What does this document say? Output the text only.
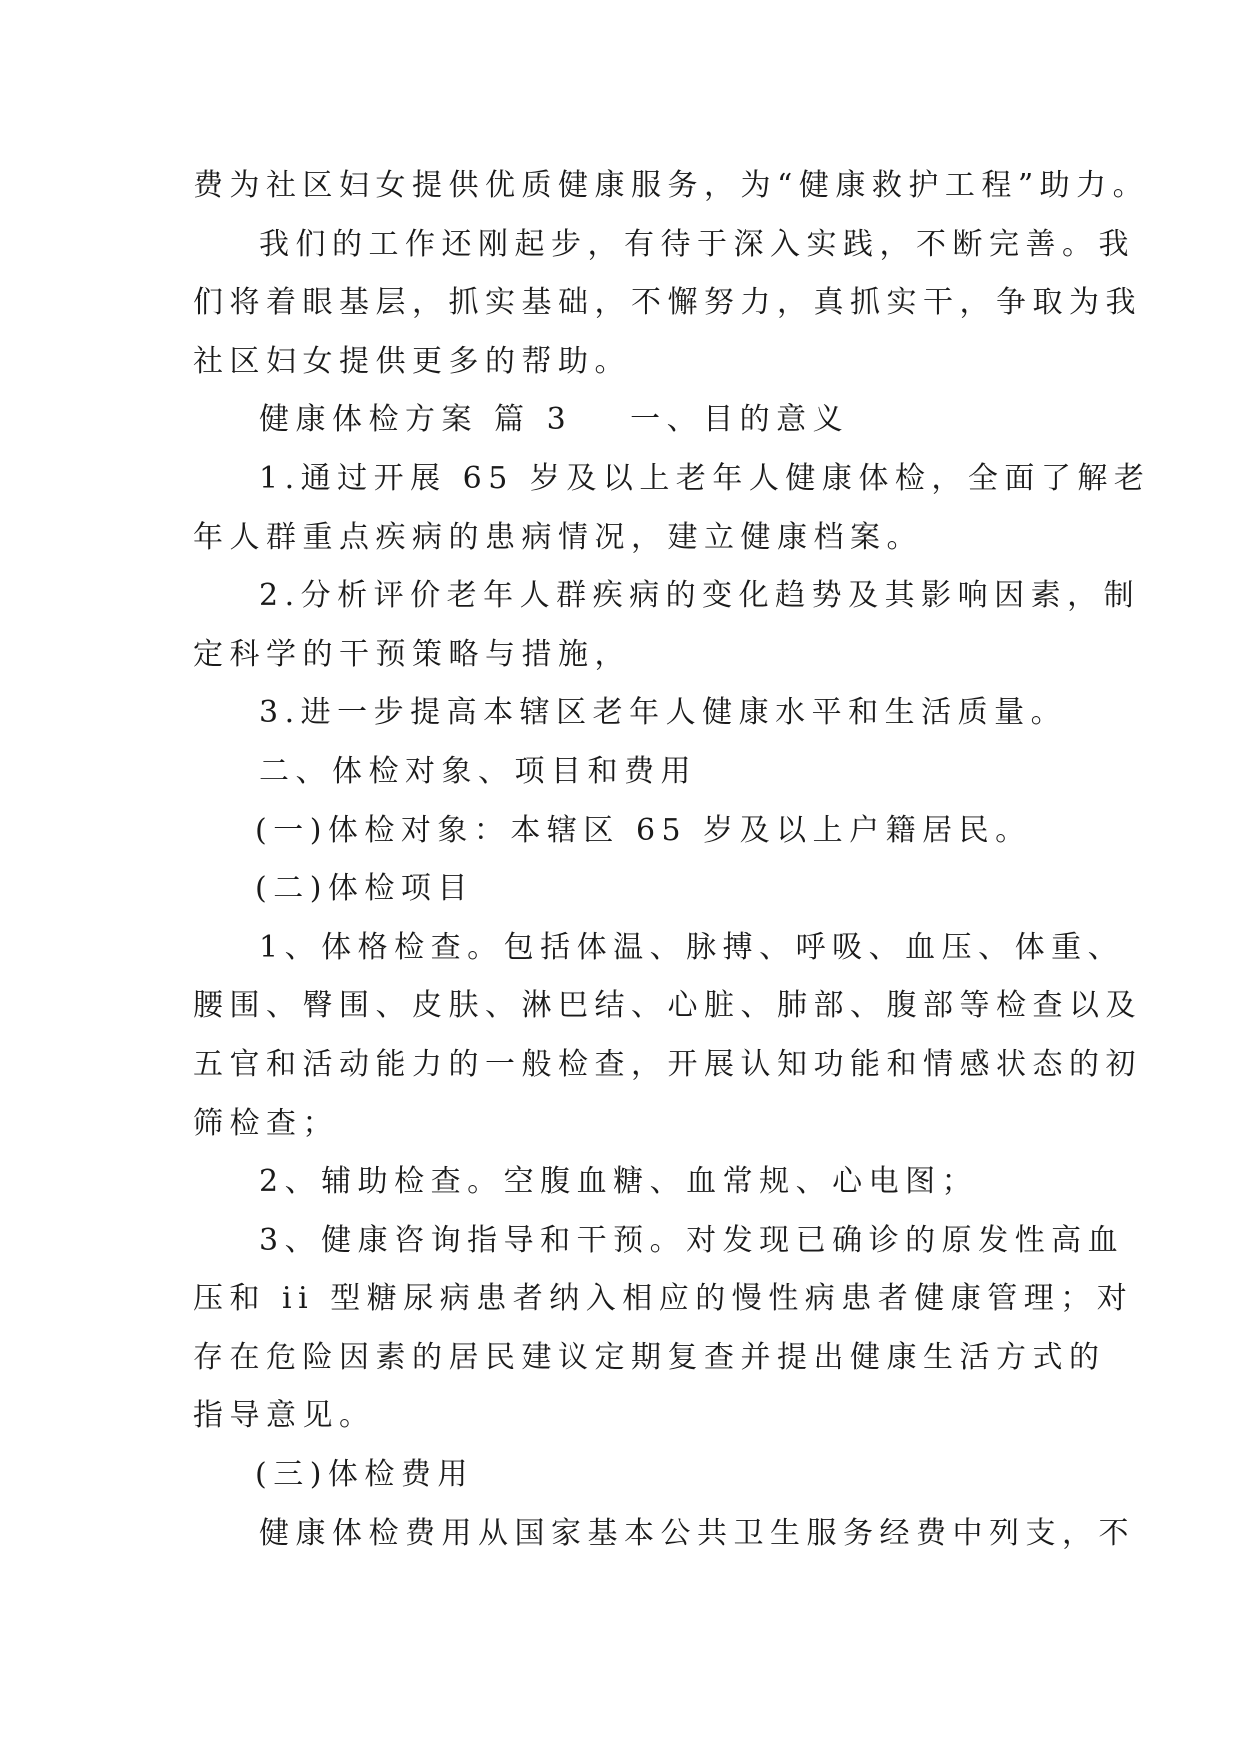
费为社区妇女提供优质健康服务，为“健康救护工程”助力。
我们的工作还刚起步，有待于深入实践，不断完善。我
们将着眼基层，抓实基础，不懈努力，真抓实干，争取为我
社区妇女提供更多的帮助。
健康体检方案 篇 3 一、目的意义
1.通过开展 65 岁及以上老年人健康体检，全面了解老
年人群重点疾病的患病情况，建立健康档案。
2.分析评价老年人群疾病的变化趋势及其影响因素，制
定科学的干预策略与措施，
3.进一步提高本辖区老年人健康水平和生活质量。
二、体检对象、项目和费用
(一)体检对象：本辖区 65 岁及以上户籍居民。
(二)体检项目
1、体格检查。包括体温、脉搏、呼吸、血压、体重、
腰围、臀围、皮肤、淋巴结、心脏、肺部、腹部等检查以及
五官和活动能力的一般检查，开展认知功能和情感状态的初
筛检查；
2、辅助检查。空腹血糖、血常规、心电图；
3、健康咨询指导和干预。对发现已确诊的原发性高血
压和 ii 型糖尿病患者纳入相应的慢性病患者健康管理；对
存在危险因素的居民建议定期复查并提出健康生活方式的
指导意见。
(三)体检费用
健康体检费用从国家基本公共卫生服务经费中列支，不
